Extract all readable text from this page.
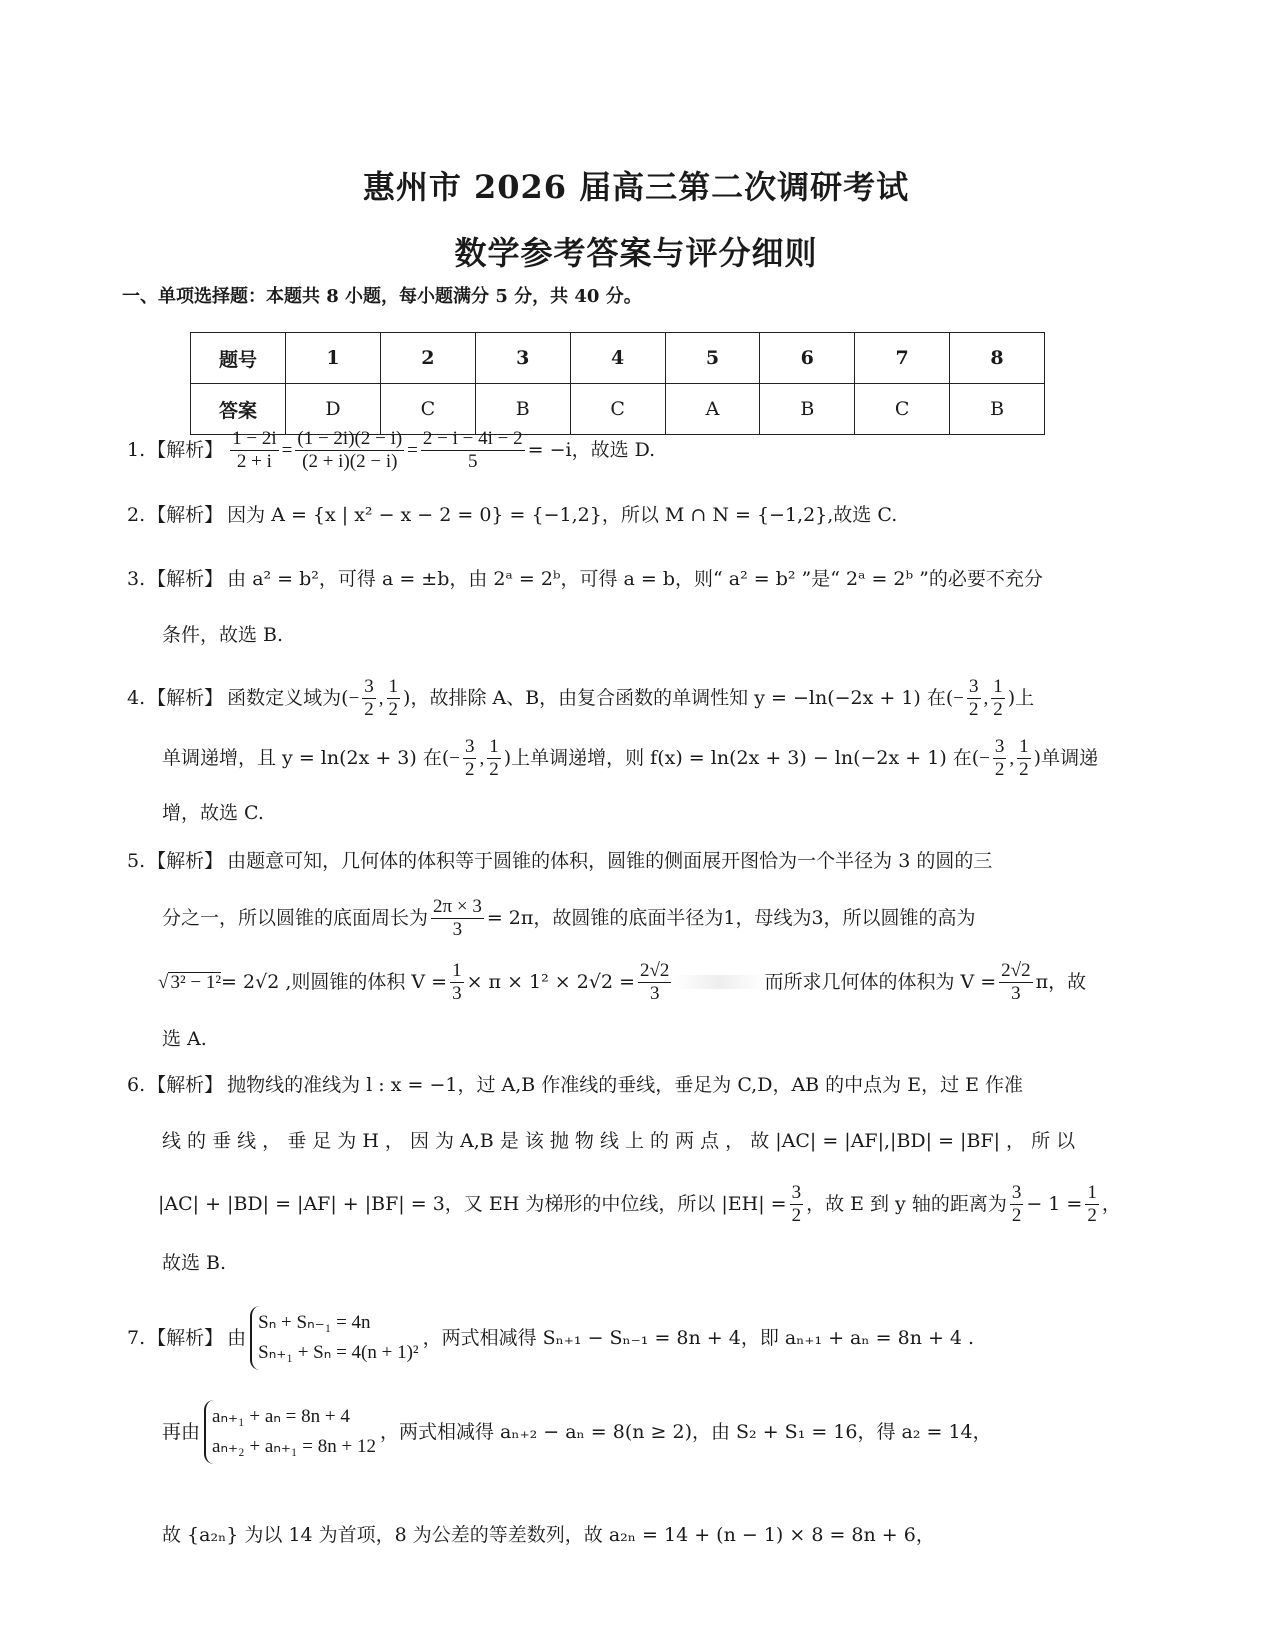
惠州市 2026 届高三第二次调研考试
数学参考答案与评分细则
一、单项选择题：本题共 8 小题，每小题满分 5 分，共 40 分。
题号	1	2	3	4	5	6	7	8
答案	D	C	B	C	A	B	C	B
1. 【解析】 $\frac{1 - 2i}{2 + i} = \frac{(1 - 2i)(2 - i)}{(2 + i)(2 - i)} = \frac{2 - i - 4i - 2}{5} = -i$，故选 D.
2. 【解析】 因为 A = {x | x² − x − 2 = 0} = {−1,2}，所以 M ∩ N = {−1,2},故选 C.
3. 【解析】 由 a² = b²，可得 a = ±b，由 2ᵃ = 2ᵇ，可得 a = b，则“ a² = b² ”是“ 2ᵃ = 2ᵇ ”的必要不充分
条件，故选 B.
4. 【解析】 函数定义域为( − $\frac{3}{2}$ , $\frac{1}{2}$ )，故排除 A、B，由复合函数的单调性知 y = −ln(−2x + 1) 在( − $\frac{3}{2}$ , $\frac{1}{2}$ )上
单调递增，且 y = ln(2x + 3) 在( − $\frac{3}{2}$ , $\frac{1}{2}$ )上单调递增，则 f(x) = ln(2x + 3) − ln(−2x + 1) 在( − $\frac{3}{2}$ , $\frac{1}{2}$ )单调递
增，故选 C.
5. 【解析】 由题意可知，几何体的体积等于圆锥的体积，圆锥的侧面展开图恰为一个半径为 3 的圆的三
分之一，所以圆锥的底面周长为 $\frac{2\pi \times 3}{3} = 2\pi$，故圆锥的底面半径为1，母线为3，所以圆锥的高为
√ 3² − 1² = 2√2 ,则圆锥的体积 $V = \frac{1}{3} \times \pi \times 1^2 \times 2√2 = \frac{2√2}{3}$	而所求几何体的体积为 $V = \frac{2√2}{3}$ π，故
选 A.
6. 【解析】 抛物线的准线为 l : x = −1，过 A,B 作准线的垂线，垂足为 C,D，AB 的中点为 E，过 E 作准
线 的 垂 线 ， 垂 足 为 H ， 因 为 A,B 是 该 抛 物 线 上 的 两 点 ， 故 |AC| = |AF|,|BD| = |BF| ， 所 以
|AC| + |BD| = |AF| + |BF| = 3，又 EH 为梯形的中位线，所以 $|EH| = \frac{3}{2}$ ，故 E 到 y 轴的距离为 $\frac{3}{2} - 1 = \frac{1}{2}$ ，
故选 B.
7. 【解析】 由
Sₙ + Sₙ₋₁ = 4n
Sₙ₊₁ + Sₙ = 4(n + 1)²
，两式相减得 Sₙ₊₁ − Sₙ₋₁ = 8n + 4，即 aₙ₊₁ + aₙ = 8n + 4 .
再由
aₙ₊₁ + aₙ = 8n + 4
aₙ₊₂ + aₙ₊₁ = 8n + 12
，两式相减得 aₙ₊₂ − aₙ = 8(n ≥ 2)，由 S₂ + S₁ = 16，得 a₂ = 14，
故 {a₂ₙ} 为以 14 为首项，8 为公差的等差数列，故 a₂ₙ = 14 + (n − 1) × 8 = 8n + 6，
